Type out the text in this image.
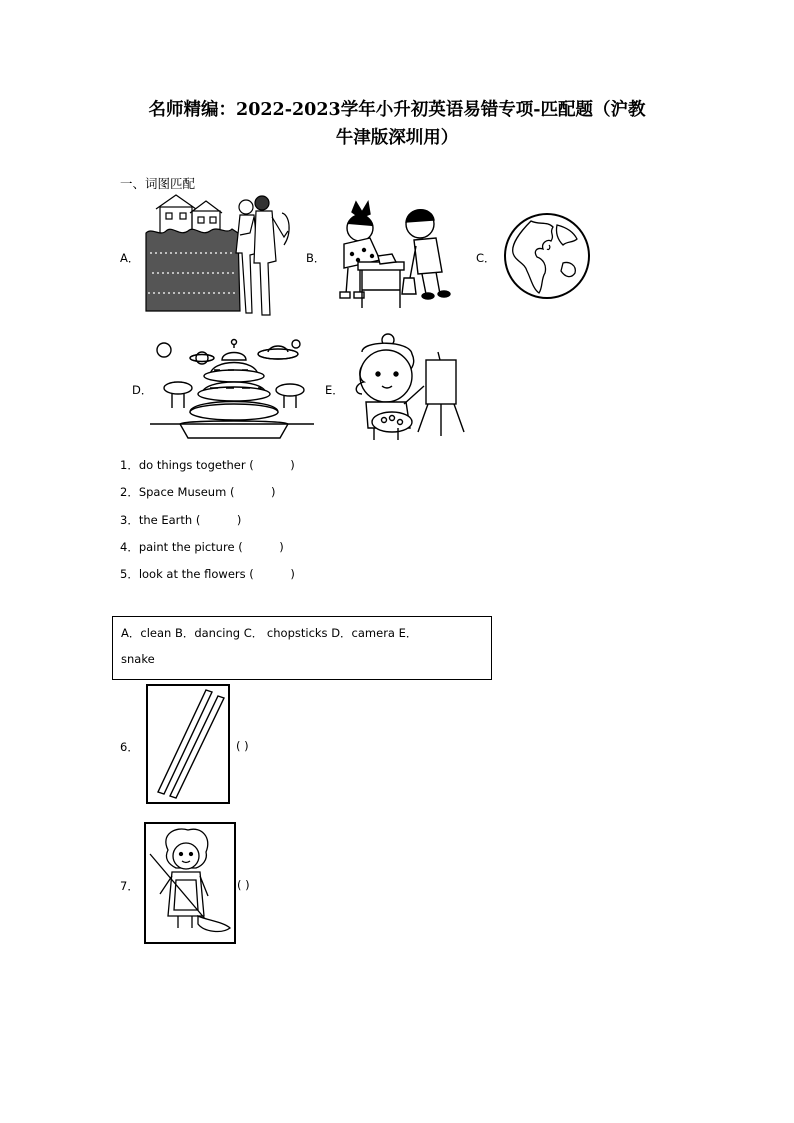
名师精编：2022-2023学年小升初英语易错专项-匹配题（沪教
牛津版深圳用）
一、词图匹配
A．	B．	C．
D．	E．
1．do things together (          )
2．Space Museum (          )
3．the Earth (          )
4．paint the picture (          )
5．look at the flowers (          )
A．clean B．dancing C． chopsticks D．camera E．
snake
6．	( )
7．	( )
